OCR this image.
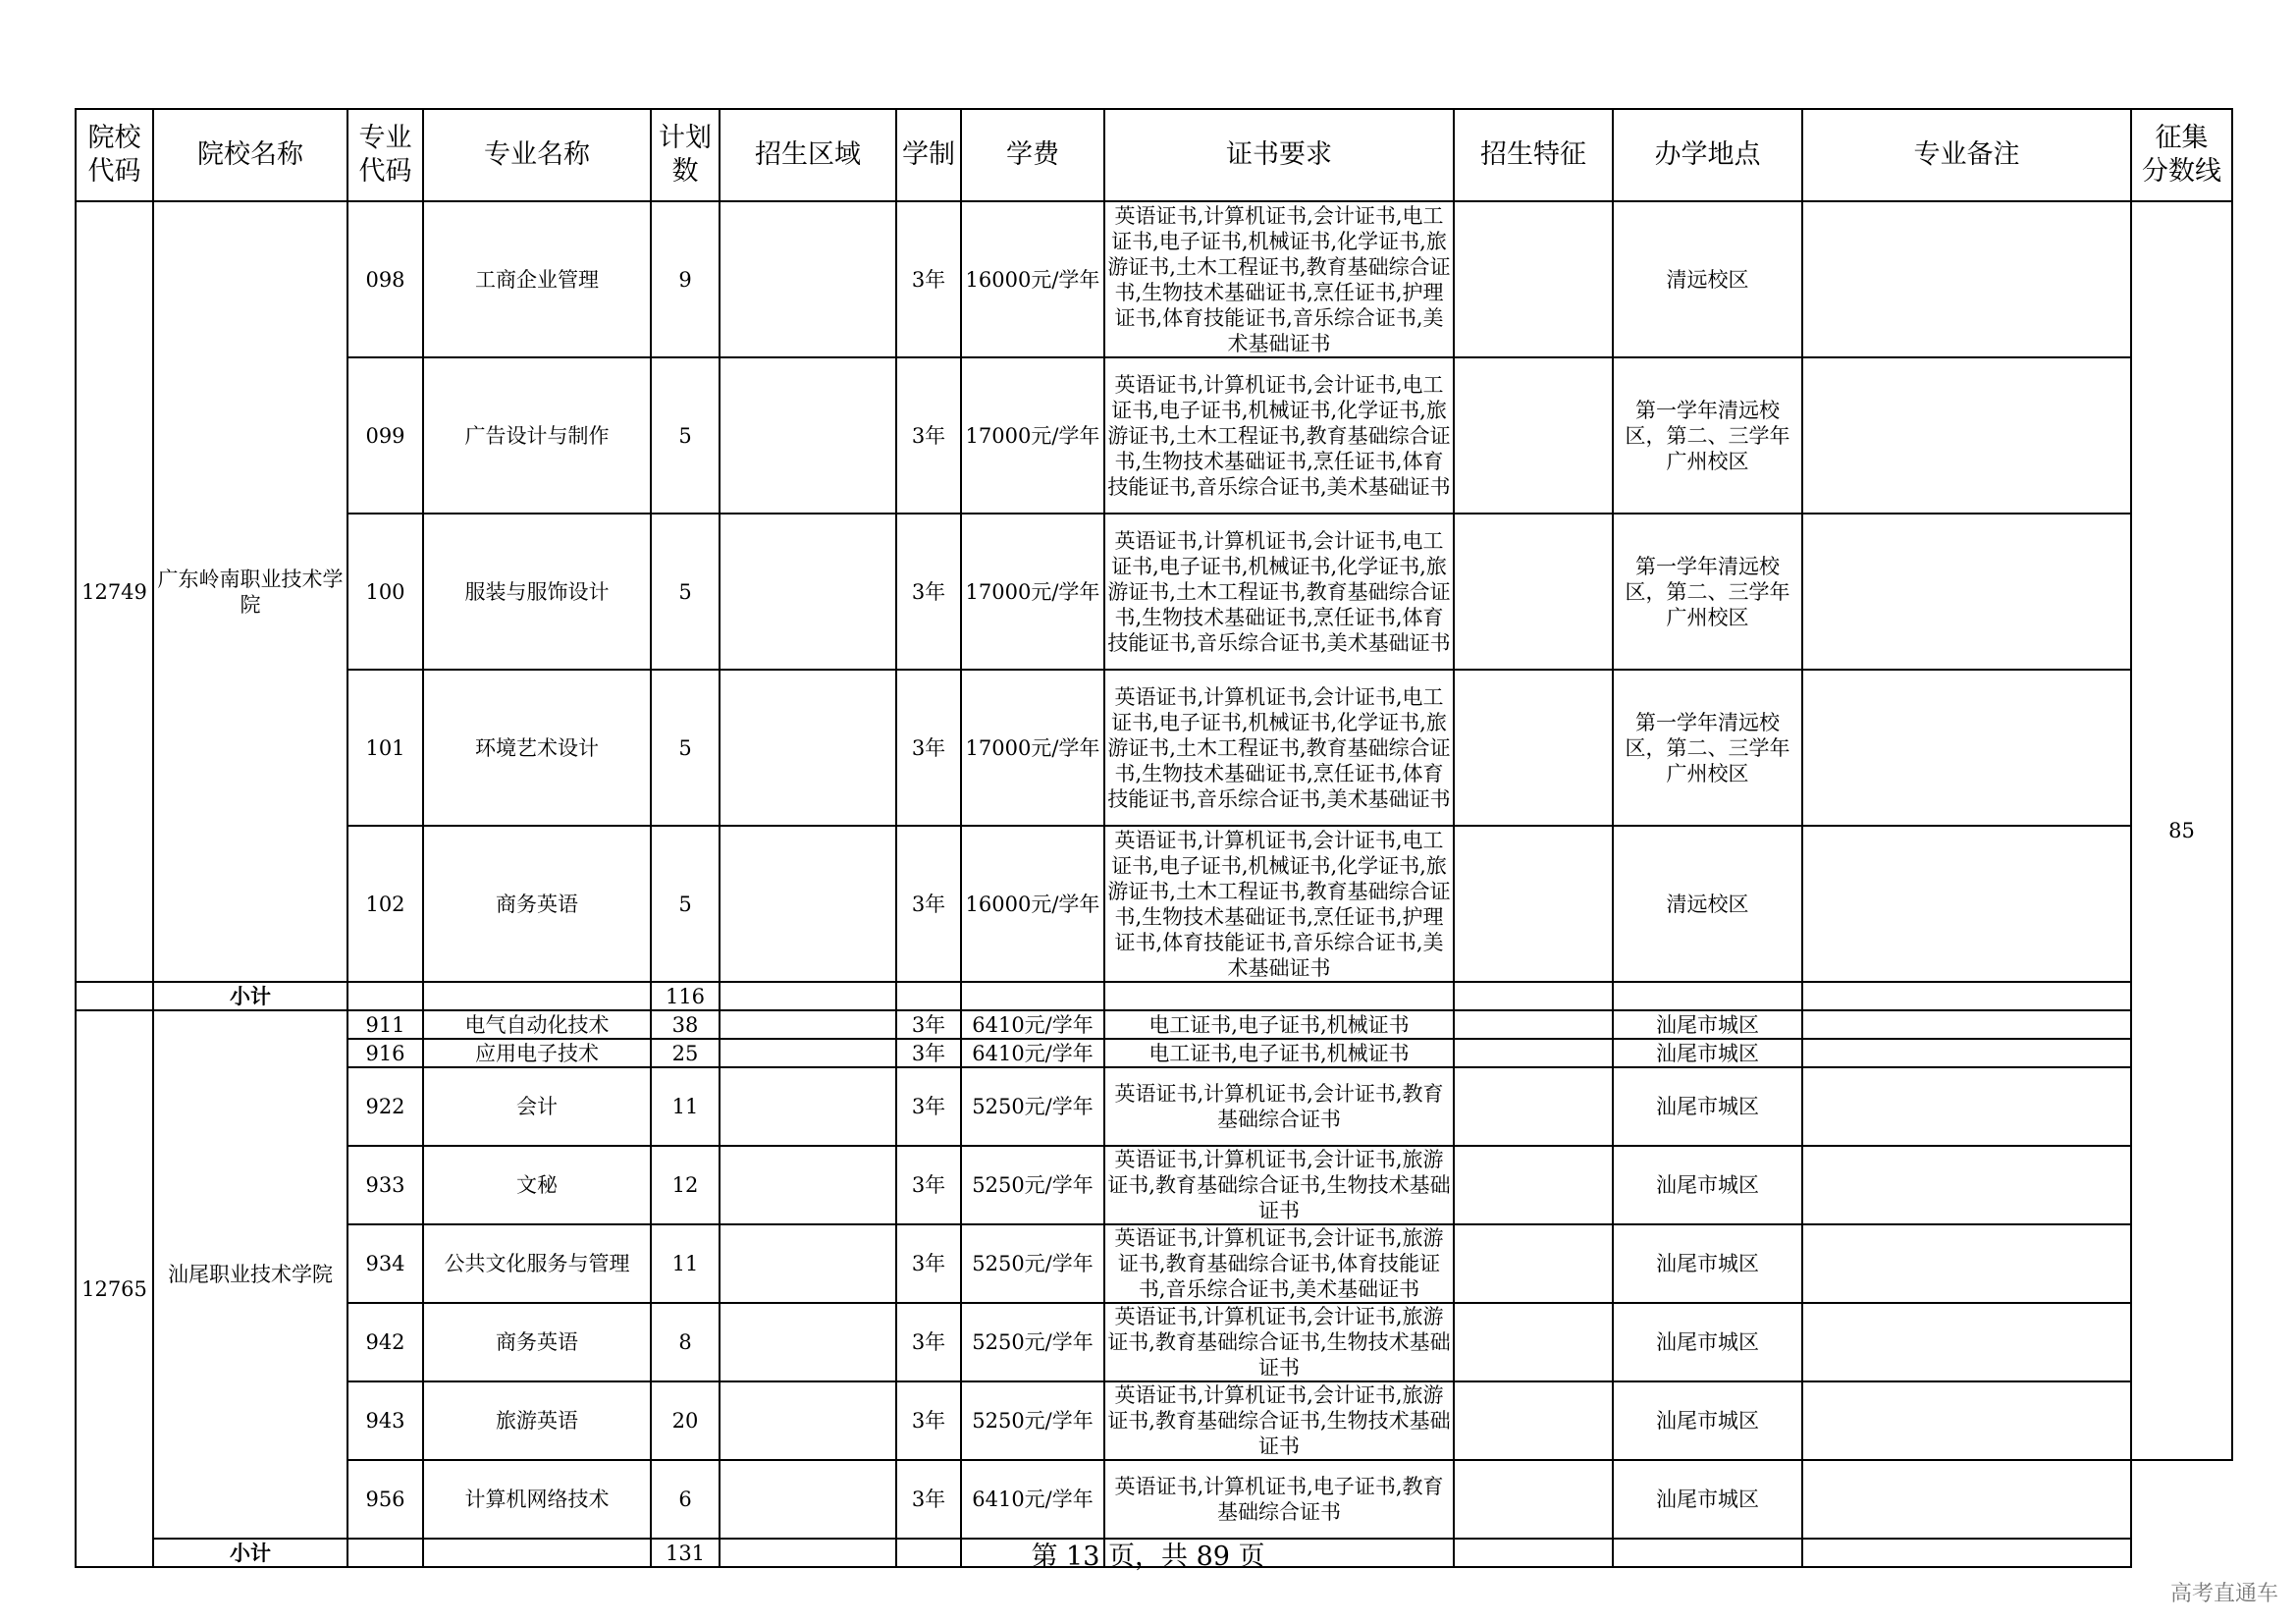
院校
代码	院校名称	专业
代码	专业名称	计划
数	招生区域	学制	学费	证书要求	招生特征	办学地点	专业备注	征集
分数线
12749	广东岭南职业技术学院	098	工商企业管理	9		3年	16000元/学年	英语证书,计算机证书,会计证书,电工证书,电子证书,机械证书,化学证书,旅游证书,土木工程证书,教育基础综合证书,生物技术基础证书,烹任证书,护理证书,体育技能证书,音乐综合证书,美术基础证书		清远校区		85
		099	广告设计与制作	5		3年	17000元/学年	英语证书,计算机证书,会计证书,电工证书,电子证书,机械证书,化学证书,旅游证书,土木工程证书,教育基础综合证书,生物技术基础证书,烹任证书,体育技能证书,音乐综合证书,美术基础证书		第一学年清远校区，第二、三学年广州校区		
		100	服装与服饰设计	5		3年	17000元/学年	英语证书,计算机证书,会计证书,电工证书,电子证书,机械证书,化学证书,旅游证书,土木工程证书,教育基础综合证书,生物技术基础证书,烹任证书,体育技能证书,音乐综合证书,美术基础证书		第一学年清远校区，第二、三学年广州校区		
		101	环境艺术设计	5		3年	17000元/学年	英语证书,计算机证书,会计证书,电工证书,电子证书,机械证书,化学证书,旅游证书,土木工程证书,教育基础综合证书,生物技术基础证书,烹任证书,体育技能证书,音乐综合证书,美术基础证书		第一学年清远校区，第二、三学年广州校区		
		102	商务英语	5		3年	16000元/学年	英语证书,计算机证书,会计证书,电工证书,电子证书,机械证书,化学证书,旅游证书,土木工程证书,教育基础综合证书,生物技术基础证书,烹任证书,护理证书,体育技能证书,音乐综合证书,美术基础证书		清远校区		
	小计			116								
12765	汕尾职业技术学院	911	电气自动化技术	38		3年	6410元/学年	电工证书,电子证书,机械证书		汕尾市城区		
		916	应用电子技术	25		3年	6410元/学年	电工证书,电子证书,机械证书		汕尾市城区		
		922	会计	11		3年	5250元/学年	英语证书,计算机证书,会计证书,教育基础综合证书		汕尾市城区		
		933	文秘	12		3年	5250元/学年	英语证书,计算机证书,会计证书,旅游证书,教育基础综合证书,生物技术基础证书		汕尾市城区		
		934	公共文化服务与管理	11		3年	5250元/学年	英语证书,计算机证书,会计证书,旅游证书,教育基础综合证书,体育技能证书,音乐综合证书,美术基础证书		汕尾市城区		
		942	商务英语	8		3年	5250元/学年	英语证书,计算机证书,会计证书,旅游证书,教育基础综合证书,生物技术基础证书		汕尾市城区		
		943	旅游英语	20		3年	5250元/学年	英语证书,计算机证书,会计证书,旅游证书,教育基础综合证书,生物技术基础证书		汕尾市城区		
		956	计算机网络技术	6		3年	6410元/学年	英语证书,计算机证书,电子证书,教育基础综合证书		汕尾市城区		
	小计			131									第 13 页，共 89 页
高考直通车
